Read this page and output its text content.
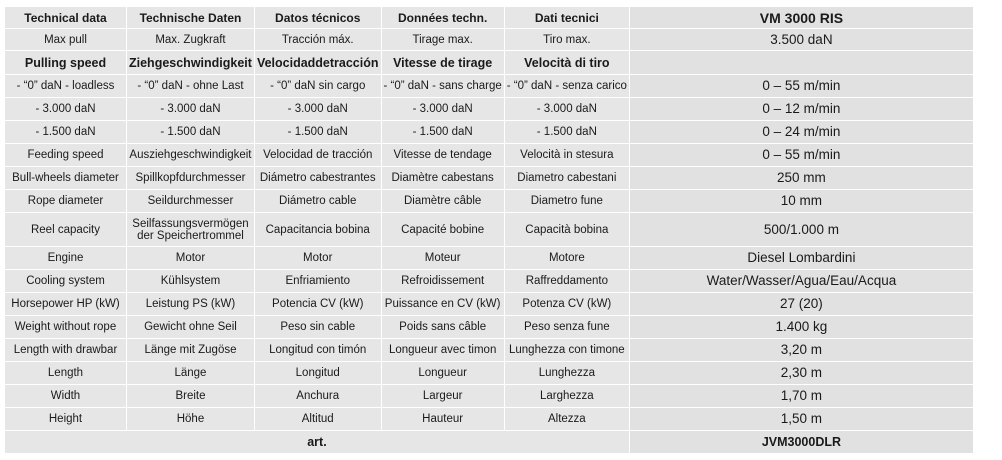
Technical data	Technische Daten	Datos técnicos	Données techn.	Dati tecnici	VM 3000 RIS
Max pull	Max. Zugkraft	Tracción máx.	Tirage max.	Tiro max.	3.500 daN
Pulling speed	Ziehgeschwindigkeit	Velocidaddetracción	Vitesse de tirage	Velocità di tiro	
- “0” daN - loadless	- “0” daN - ohne Last	- “0” daN sin cargo	- “0” daN - sans charge	- “0” daN - senza carico	0 – 55 m/min
- 3.000 daN	- 3.000 daN	- 3.000 daN	- 3.000 daN	- 3.000 daN	0 – 12 m/min
- 1.500 daN	- 1.500 daN	- 1.500 daN	- 1.500 daN	- 1.500 daN	0 – 24 m/min
Feeding speed	Ausziehgeschwindigkeit	Velocidad de tracción	Vitesse de tendage	Velocità in stesura	0 – 55 m/min
Bull-wheels diameter	Spillkopfdurchmesser	Diámetro cabestrantes	Diamètre cabestans	Diametro cabestani	250 mm
Rope diameter	Seildurchmesser	Diámetro cable	Diamètre câble	Diametro fune	10 mm
Reel capacity	Seilfassungsvermögen der Speichertrommel	Capacitancia bobina	Capacité bobine	Capacità bobina	500/1.000 m
Engine	Motor	Motor	Moteur	Motore	Diesel Lombardini
Cooling system	Kühlsystem	Enfriamiento	Refroidissement	Raffreddamento	Water/Wasser/Agua/Eau/Acqua
Horsepower HP (kW)	Leistung PS (kW)	Potencia CV (kW)	Puissance en CV (kW)	Potenza CV (kW)	27 (20)
Weight without rope	Gewicht ohne Seil	Peso sin cable	Poids sans câble	Peso senza fune	1.400 kg
Length with drawbar	Länge mit Zugöse	Longitud con timón	Longueur avec timon	Lunghezza con timone	3,20 m
Length	Länge	Longitud	Longueur	Lunghezza	2,30 m
Width	Breite	Anchura	Largeur	Larghezza	1,70 m
Height	Höhe	Altitud	Hauteur	Altezza	1,50 m
art.					JVM3000DLR
